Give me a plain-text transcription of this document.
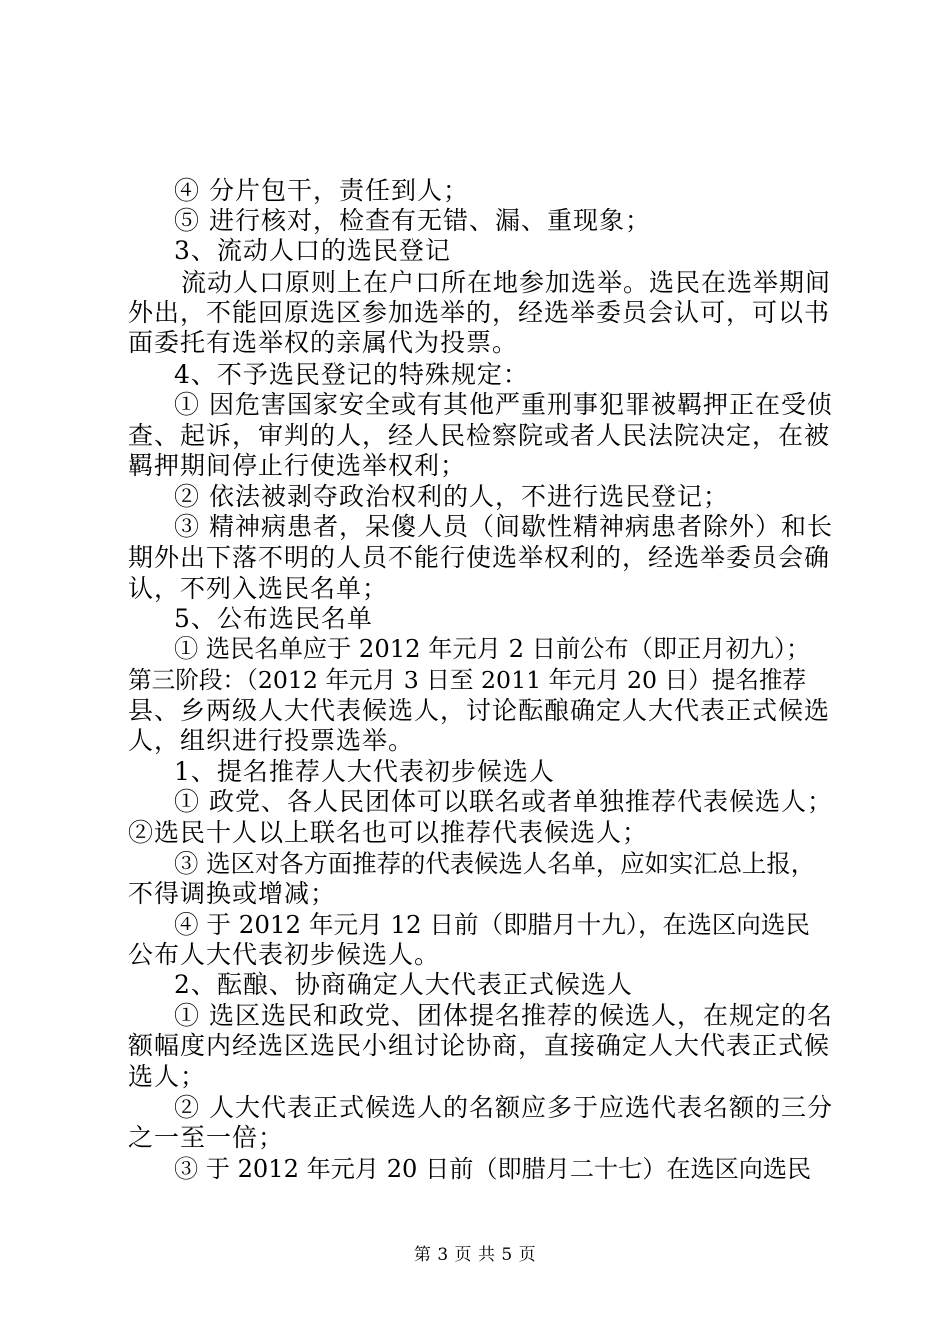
④ 分片包干，责任到人；
⑤ 进行核对，检查有无错、漏、重现象；
3、流动人口的选民登记
流动人口原则上在户口所在地参加选举。选民在选举期间
外出，不能回原选区参加选举的，经选举委员会认可，可以书
面委托有选举权的亲属代为投票。
4、不予选民登记的特殊规定：
① 因危害国家安全或有其他严重刑事犯罪被羁押正在受侦
查、起诉，审判的人，经人民检察院或者人民法院决定，在被
羁押期间停止行使选举权利；
② 依法被剥夺政治权利的人，不进行选民登记；
③ 精神病患者，呆傻人员（间歇性精神病患者除外）和长
期外出下落不明的人员不能行使选举权利的，经选举委员会确
认，不列入选民名单；
5、公布选民名单
① 选民名单应于 2012 年元月 2 日前公布（即正月初九）；
第三阶段：（2012 年元月 3 日至 2011 年元月 20 日）提名推荐
县、乡两级人大代表候选人，讨论酝酿确定人大代表正式候选
人，组织进行投票选举。
1、提名推荐人大代表初步候选人
① 政党、各人民团体可以联名或者单独推荐代表候选人；
②选民十人以上联名也可以推荐代表候选人；
③ 选区对各方面推荐的代表候选人名单，应如实汇总上报，
不得调换或增减；
④ 于 2012 年元月 12 日前（即腊月十九），在选区向选民
公布人大代表初步候选人。
2、酝酿、协商确定人大代表正式候选人
① 选区选民和政党、团体提名推荐的候选人，在规定的名
额幅度内经选区选民小组讨论协商，直接确定人大代表正式候
选人；
② 人大代表正式候选人的名额应多于应选代表名额的三分
之一至一倍；
③ 于 2012 年元月 20 日前（即腊月二十七）在选区向选民
第 3 页 共 5 页
